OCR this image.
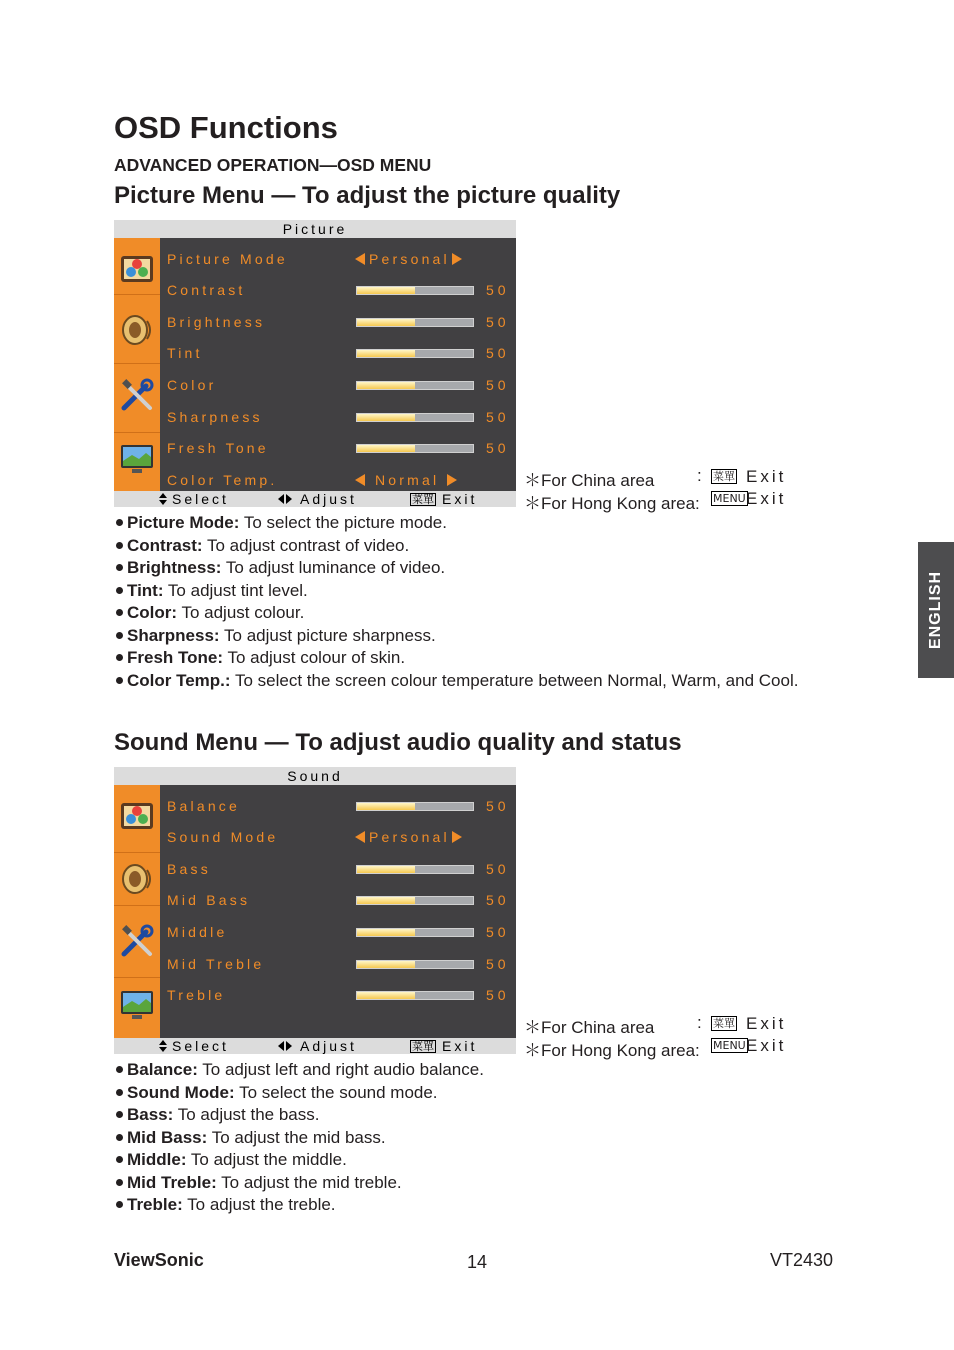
OSD Functions
ADVANCED OPERATION—OSD MENU
Picture Menu — To adjust the picture quality
Picture
Picture Mode	Personal
Contrast	50
Brightness	50
Tint	50
Color	50
Sharpness	50
Fresh Tone	50
Color Temp.	Normal
Select	Adjust	菜單 Exit
＊For China area	: 菜單 Exit
＊For Hong Kong area: MENU Exit
Picture Mode: To select the picture mode.
Contrast: To adjust contrast of video.
Brightness: To adjust luminance of video.
Tint: To adjust tint level.
Color: To adjust colour.
Sharpness: To adjust picture sharpness.
Fresh Tone: To adjust colour of skin.
Color Temp.: To select the screen colour temperature between Normal, Warm, and Cool.
Sound Menu — To adjust audio quality and status
Sound
Balance	50
Sound Mode	Personal
Bass	50
Mid Bass	50
Middle	50
Mid Treble	50
Treble	50
Select	Adjust	菜單 Exit
＊For China area	: 菜單 Exit
＊For Hong Kong area: MENU Exit
Balance: To adjust left and right audio balance.
Sound Mode: To select the sound mode.
Bass: To adjust the bass.
Mid Bass: To adjust the mid bass.
Middle: To adjust the middle.
Mid Treble: To adjust the mid treble.
Treble: To adjust the treble.
ENGLISH
ViewSonic	14	VT2430
